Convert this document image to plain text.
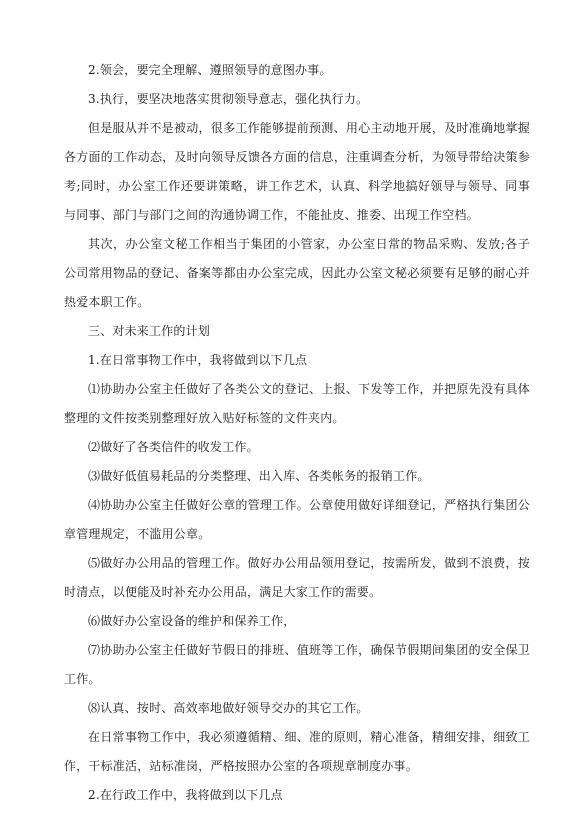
2.领会，要完全理解、遵照领导的意图办事。

3.执行，要坚决地落实贯彻领导意志，强化执行力。

但是服从并不是被动，很多工作能够提前预测、用心主动地开展，及时准确地掌握各方面的工作动态，及时向领导反馈各方面的信息，注重调查分析，为领导带给决策参考;同时，办公室工作还要讲策略，讲工作艺术，认真、科学地搞好领导与领导、同事与同事、部门与部门之间的沟通协调工作，不能扯皮、推委、出现工作空档。

其次，办公室文秘工作相当于集团的小管家，办公室日常的物品采购、发放;各子公司常用物品的登记、备案等都由办公室完成，因此办公室文秘必须要有足够的耐心并热爱本职工作。

三、对未来工作的计划

1.在日常事物工作中，我将做到以下几点

⑴协助办公室主任做好了各类公文的登记、上报、下发等工作，并把原先没有具体整理的文件按类别整理好放入贴好标签的文件夹内。

⑵做好了各类信件的收发工作。

⑶做好低值易耗品的分类整理、出入库、各类帐务的报销工作。

⑷协助办公室主任做好公章的管理工作。公章使用做好详细登记，严格执行集团公章管理规定，不滥用公章。

⑸做好办公用品的管理工作。做好办公用品领用登记，按需所发，做到不浪费，按时清点，以便能及时补充办公用品，满足大家工作的需要。

⑹做好办公室设备的维护和保养工作，

⑺协助办公室主任做好节假日的排班、值班等工作，确保节假期间集团的安全保卫工作。

⑻认真、按时、高效率地做好领导交办的其它工作。

在日常事物工作中，我必须遵循精、细、准的原则，精心准备，精细安排，细致工作，干标准活，站标准岗，严格按照办公室的各项规章制度办事。

2.在行政工作中，我将做到以下几点
